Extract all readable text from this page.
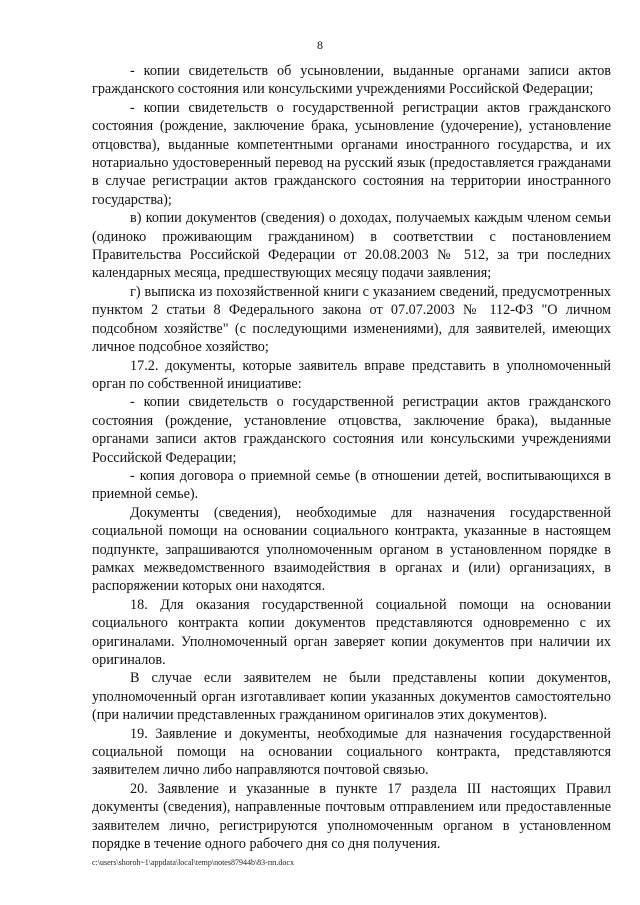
8

- копии свидетельств об усыновлении, выданные органами записи актов гражданского состояния или консульскими учреждениями Российской Федерации;

- копии свидетельств о государственной регистрации актов гражданского состояния (рождение, заключение брака, усыновление (удочерение), установление отцовства), выданные компетентными органами иностранного государства, и их нотариально удостоверенный перевод на русский язык (предоставляется гражданами в случае регистрации актов гражданского состояния на территории иностранного государства);

в) копии документов (сведения) о доходах, получаемых каждым членом семьи (одиноко проживающим гражданином) в соответствии с постановлением Правительства Российской Федерации от 20.08.2003 № 512, за три последних календарных месяца, предшествующих месяцу подачи заявления;

г) выписка из похозяйственной книги с указанием сведений, предусмотренных пунктом 2 статьи 8 Федерального закона от 07.07.2003 № 112-ФЗ "О личном подсобном хозяйстве" (с последующими изменениями), для заявителей, имеющих личное подсобное хозяйство;

17.2. документы, которые заявитель вправе представить в уполномоченный орган по собственной инициативе:

- копии свидетельств о государственной регистрации актов гражданского состояния (рождение, установление отцовства, заключение брака), выданные органами записи актов гражданского состояния или консульскими учреждениями Российской Федерации;

- копия договора о приемной семье (в отношении детей, воспитывающихся в приемной семье).

Документы (сведения), необходимые для назначения государственной социальной помощи на основании социального контракта, указанные в настоящем подпункте, запрашиваются уполномоченным органом в установленном порядке в рамках межведомственного взаимодействия в органах и (или) организациях, в распоряжении которых они находятся.

18. Для оказания государственной социальной помощи на основании социального контракта копии документов представляются одновременно с их оригиналами. Уполномоченный орган заверяет копии документов при наличии их оригиналов.

В случае если заявителем не были представлены копии документов, уполномоченный орган изготавливает копии указанных документов самостоятельно (при наличии представленных гражданином оригиналов этих документов).

19. Заявление и документы, необходимые для назначения государственной социальной помощи на основании социального контракта, представляются заявителем лично либо направляются почтовой связью.

20. Заявление и указанные в пункте 17 раздела III настоящих Правил документы (сведения), направленные почтовым отправлением или предоставленные заявителем лично, регистрируются уполномоченным органом в установленном порядке в течение одного рабочего дня со дня получения.

c:\users\shoroh~1\appdata\local\temp\notes87944b\83-пп.docx
